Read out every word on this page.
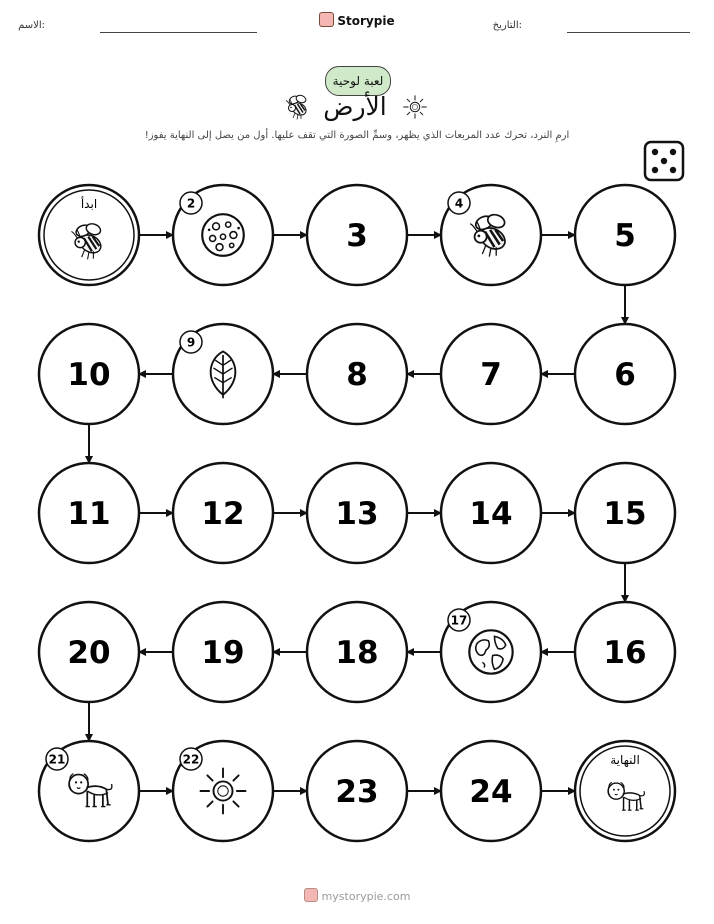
الاسم:	Storypie	التاريخ:
لعبة لوحية
الأرض
ارمِ النرد، تحرك عدد المربعات الذي يظهر، وسمِّ الصورة التي تقف عليها. أول من يصل إلى النهاية يفوز!
ابدأ	2
3
4
5
6
7
8
9
10
11	12	13	14	15
16
17
18
19
20
21	22
23	24
النهاية
mystorypie.com
